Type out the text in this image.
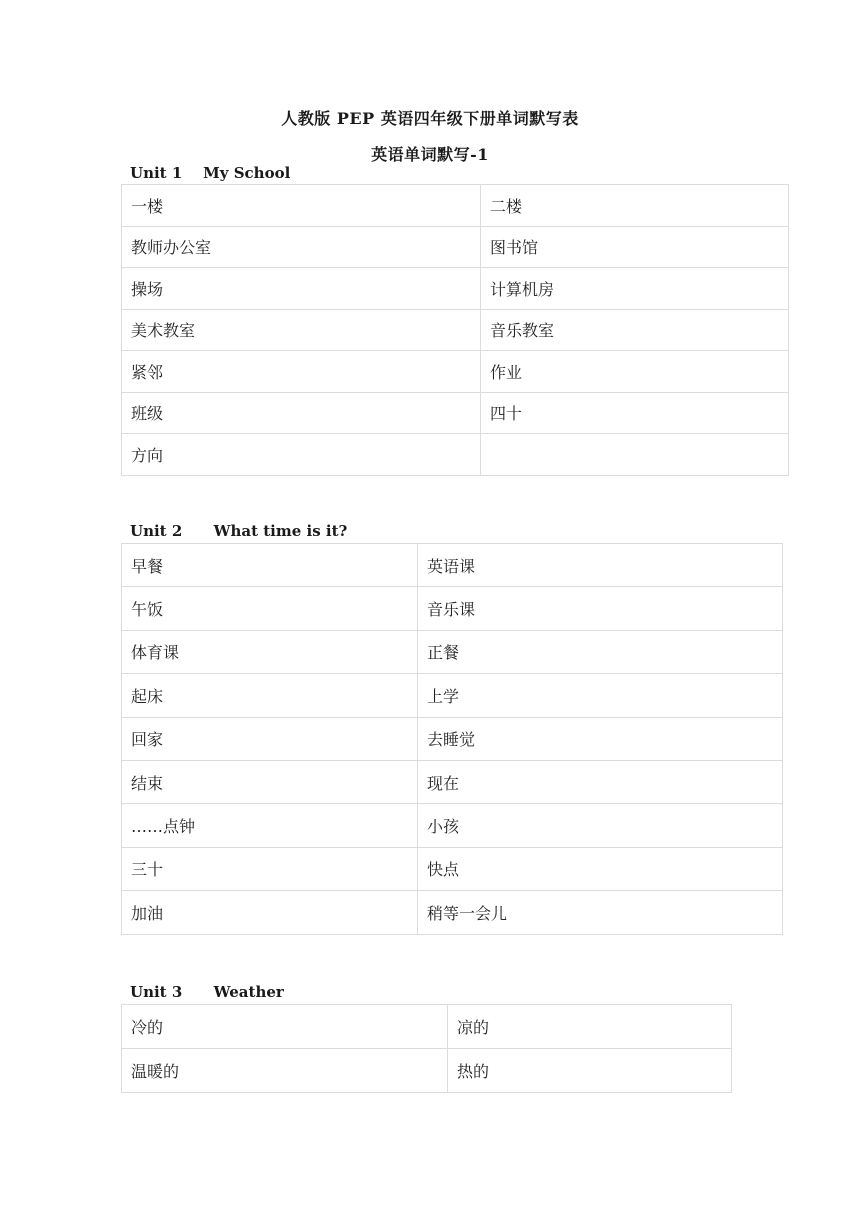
人教版 PEP 英语四年级下册单词默写表
英语单词默写-1
Unit 1 My School
一楼	二楼
教师办公室	图书馆
操场	计算机房
美术教室	音乐教室
紧邻	作业
班级	四十
方向	
Unit 2 What time is it?
早餐	英语课
午饭	音乐课
体育课	正餐
起床	上学
回家	去睡觉
结束	现在
……点钟	小孩
三十	快点
加油	稍等一会儿
Unit 3 Weather
冷的	凉的
温暖的	热的
